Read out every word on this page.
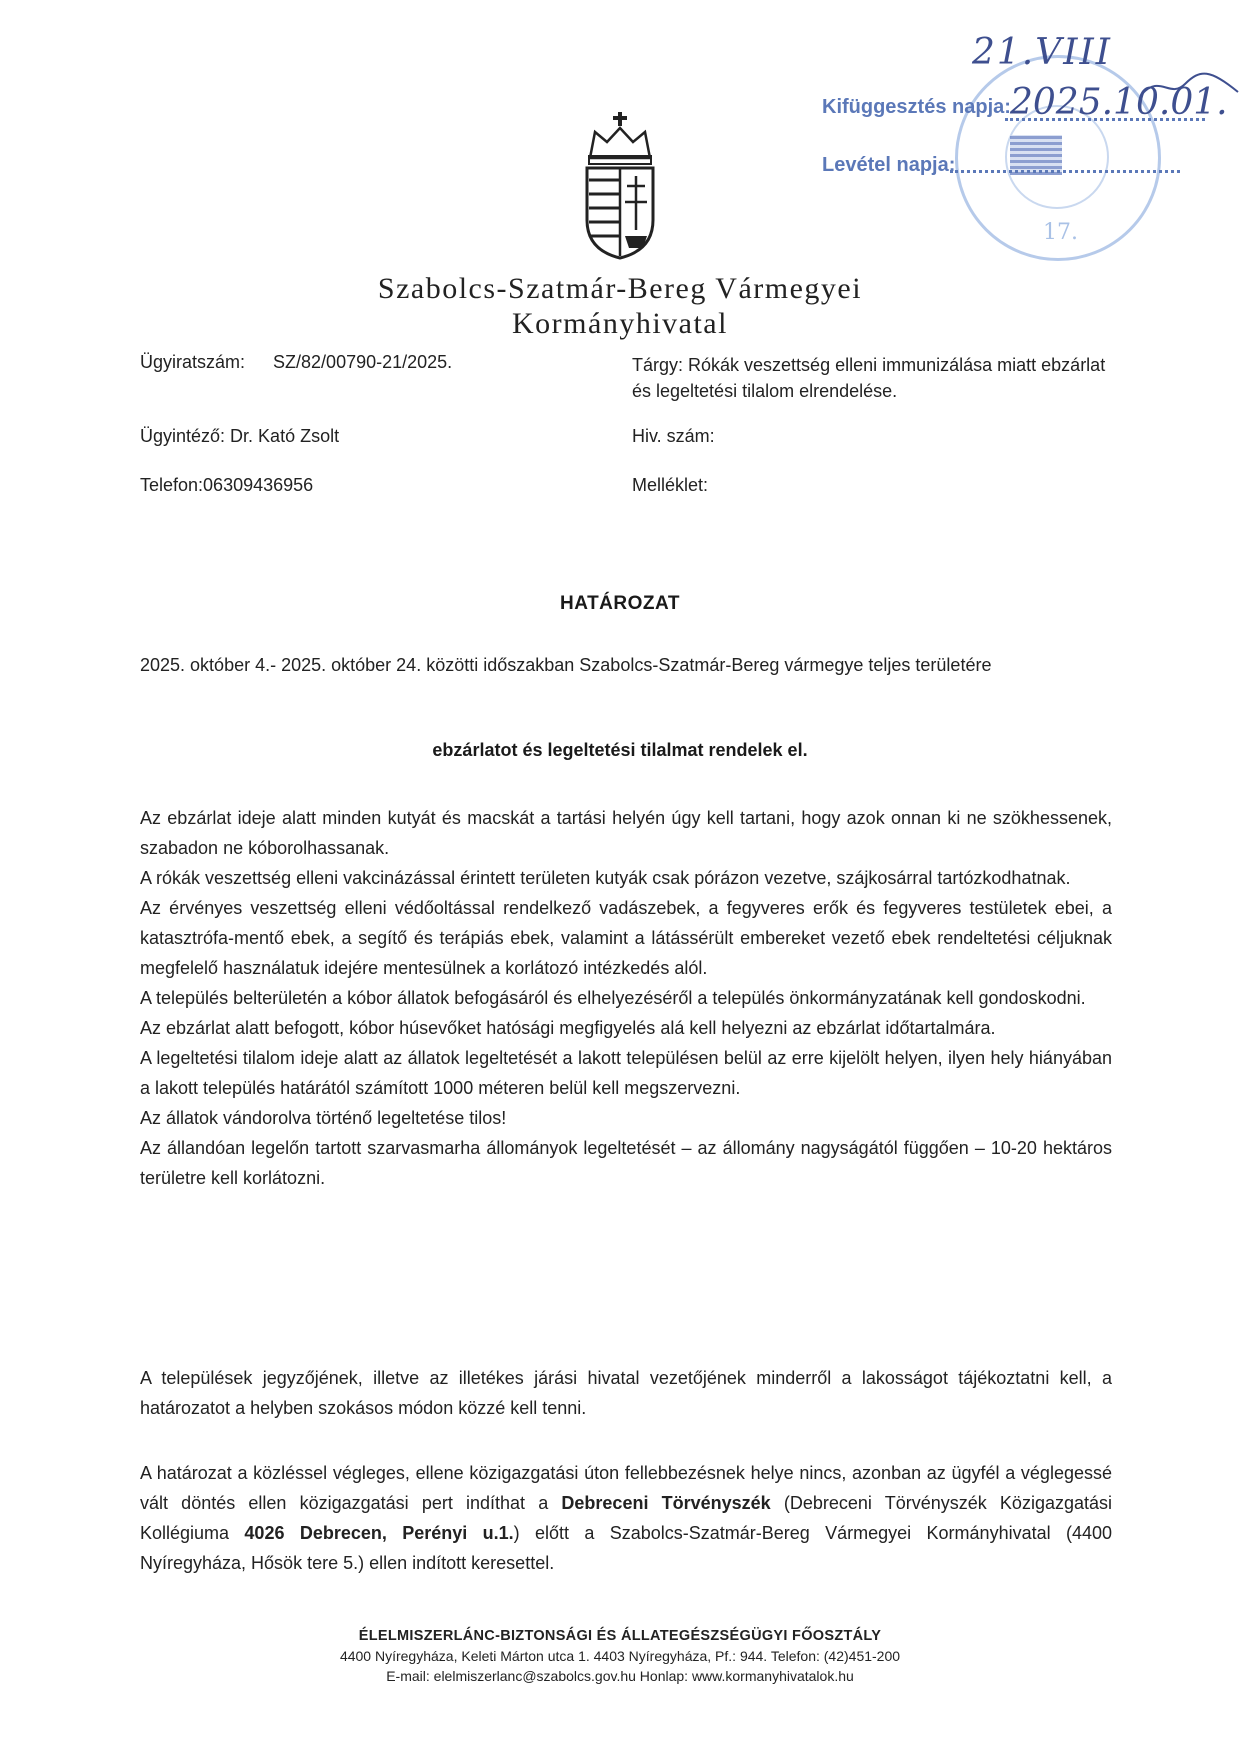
17.
21.VIII
Kifüggesztés napja: 2025.10.01.
Levétel napja:
Szabolcs-Szatmár-Bereg Vármegyei
Kormányhivatal
Ügyiratszám: SZ/82/00790-21/2025.	Tárgy: Rókák veszettség elleni immunizálása miatt ebzárlat és legeltetési tilalom elrendelése.
Ügyintéző: Dr. Kató Zsolt	Hiv. szám:
Telefon:06309436956	Melléklet:
HATÁROZAT
2025. október 4.- 2025. október 24. közötti időszakban Szabolcs-Szatmár-Bereg vármegye teljes területére
ebzárlatot és legeltetési tilalmat rendelek el.

Az ebzárlat ideje alatt minden kutyát és macskát a tartási helyén úgy kell tartani, hogy azok onnan ki ne szökhessenek, szabadon ne kóborolhassanak.

A rókák veszettség elleni vakcinázással érintett területen kutyák csak pórázon vezetve, szájkosárral tartózkodhatnak.

Az érvényes veszettség elleni védőoltással rendelkező vadászebek, a fegyveres erők és fegyveres testületek ebei, a katasztrófa-mentő ebek, a segítő és terápiás ebek, valamint a látássérült embereket vezető ebek rendeltetési céljuknak megfelelő használatuk idejére mentesülnek a korlátozó intézkedés alól.

A település belterületén a kóbor állatok befogásáról és elhelyezéséről a település önkormányzatának kell gondoskodni.

Az ebzárlat alatt befogott, kóbor húsevőket hatósági megfigyelés alá kell helyezni az ebzárlat időtartalmára.

A legeltetési tilalom ideje alatt az állatok legeltetését a lakott településen belül az erre kijelölt helyen, ilyen hely hiányában a lakott település határától számított 1000 méteren belül kell megszervezni.

Az állatok vándorolva történő legeltetése tilos!

Az állandóan legelőn tartott szarvasmarha állományok legeltetését – az állomány nagyságától függően – 10-20 hektáros területre kell korlátozni.

A települések jegyzőjének, illetve az illetékes járási hivatal vezetőjének minderről a lakosságot tájékoztatni kell, a határozatot a helyben szokásos módon közzé kell tenni.

A határozat a közléssel végleges, ellene közigazgatási úton fellebbezésnek helye nincs, azonban az ügyfél a véglegessé vált döntés ellen közigazgatási pert indíthat a Debreceni Törvényszék (Debreceni Törvényszék Közigazgatási Kollégiuma 4026 Debrecen, Perényi u.1.) előtt a Szabolcs-Szatmár-Bereg Vármegyei Kormányhivatal (4400 Nyíregyháza, Hősök tere 5.) ellen indított keresettel.

ÉLELMISZERLÁNC-BIZTONSÁGI ÉS ÁLLATEGÉSZSÉGÜGYI FŐOSZTÁLY
4400 Nyíregyháza, Keleti Márton utca 1. 4403 Nyíregyháza, Pf.: 944. Telefon: (42)451-200
E-mail: elelmiszerlanc@szabolcs.gov.hu Honlap: www.kormanyhivatalok.hu
